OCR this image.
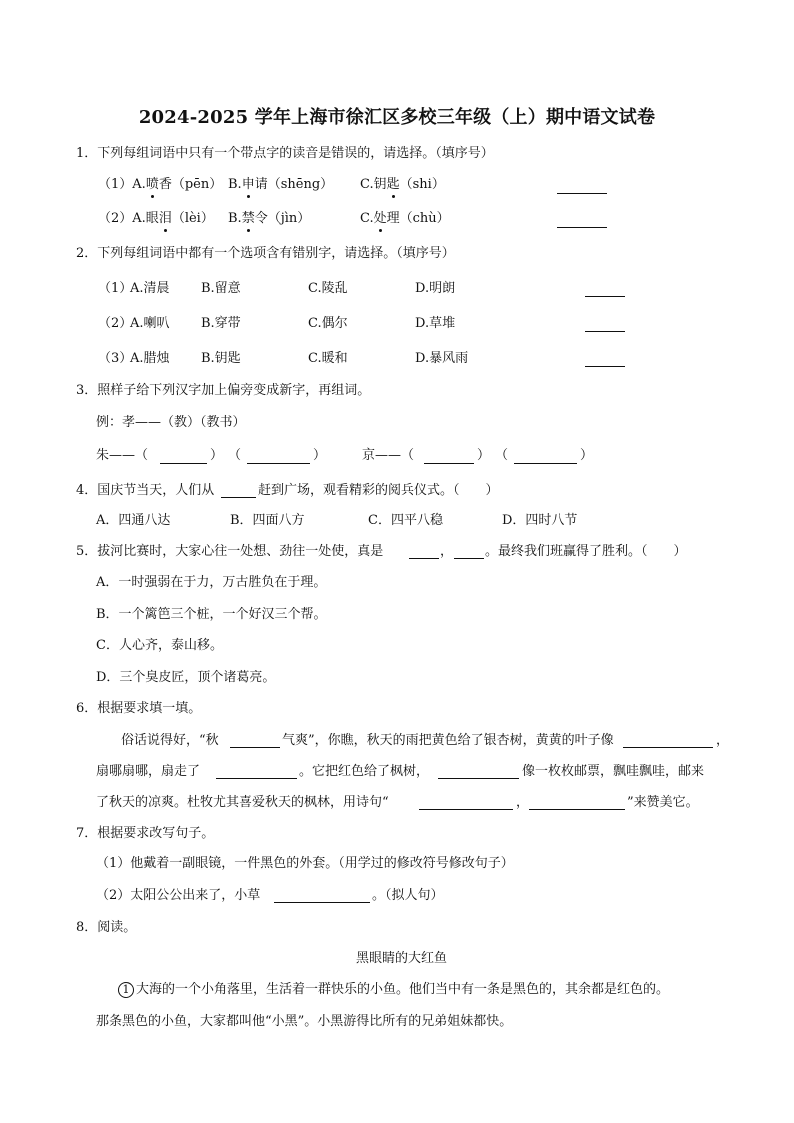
2024-2025 学年上海市徐汇区多校三年级（上）期中语文试卷
1．下列每组词语中只有一个带点字的读音是错误的，请选择。（填序号）
（1）A.喷香（pēn） B.申请（shēng） C.钥匙（shi）
（2）A.眼泪（lèi） B.禁令（jìn）	C.处理（chù）
2．下列每组词语中都有一个选项含有错别字，请选择。（填序号）
（1）
A.清晨 B.留意	C.陵乱	D.明朗
（2）
A.喇叭 B.穿带	C.偶尔	D.草堆
（3）
A.腊烛 B.钥匙	C.暖和	D.暴风雨
3．照样子给下列汉字加上偏旁变成新字，再组词。
例：孝——（教）（教书）
朱——（	） （	）	京——（	） （	）
4．国庆节当天，人们从	赶到广场，观看精彩的阅兵仪式。（　　）
A．四通八达	B．四面八方	C．四平八稳	D．四时八节
5．拔河比赛时，大家心往一处想、劲往一处使，真是	， 。最终我们班赢得了胜利。（　　）
A．一时强弱在于力，万古胜负在于理。
B．一个篱笆三个桩，一个好汉三个帮。
C．人心齐，泰山移。
D．三个臭皮匠，顶个诸葛亮。
6．根据要求填一填。
俗话说得好，“秋	气爽”，你瞧，秋天的雨把黄色给了银杏树，黄黄的叶子像	，
扇哪扇哪，扇走了	。它把红色给了枫树，	像一枚枚邮票，飘哇飘哇，邮来
了秋天的凉爽。杜牧尤其喜爱秋天的枫林，用诗句“	，	”来赞美它。
7．根据要求改写句子。
（1）他戴着一副眼镜，一件黑色的外套。（用学过的修改符号修改句子）
（2）太阳公公出来了，小草	。（拟人句）
8．阅读。
黑眼睛的大红鱼
1 大海的一个小角落里，生活着一群快乐的小鱼。他们当中有一条是黑色的，其余都是红色的。
那条黑色的小鱼，大家都叫他“小黑”。小黑游得比所有的兄弟姐妹都快。
